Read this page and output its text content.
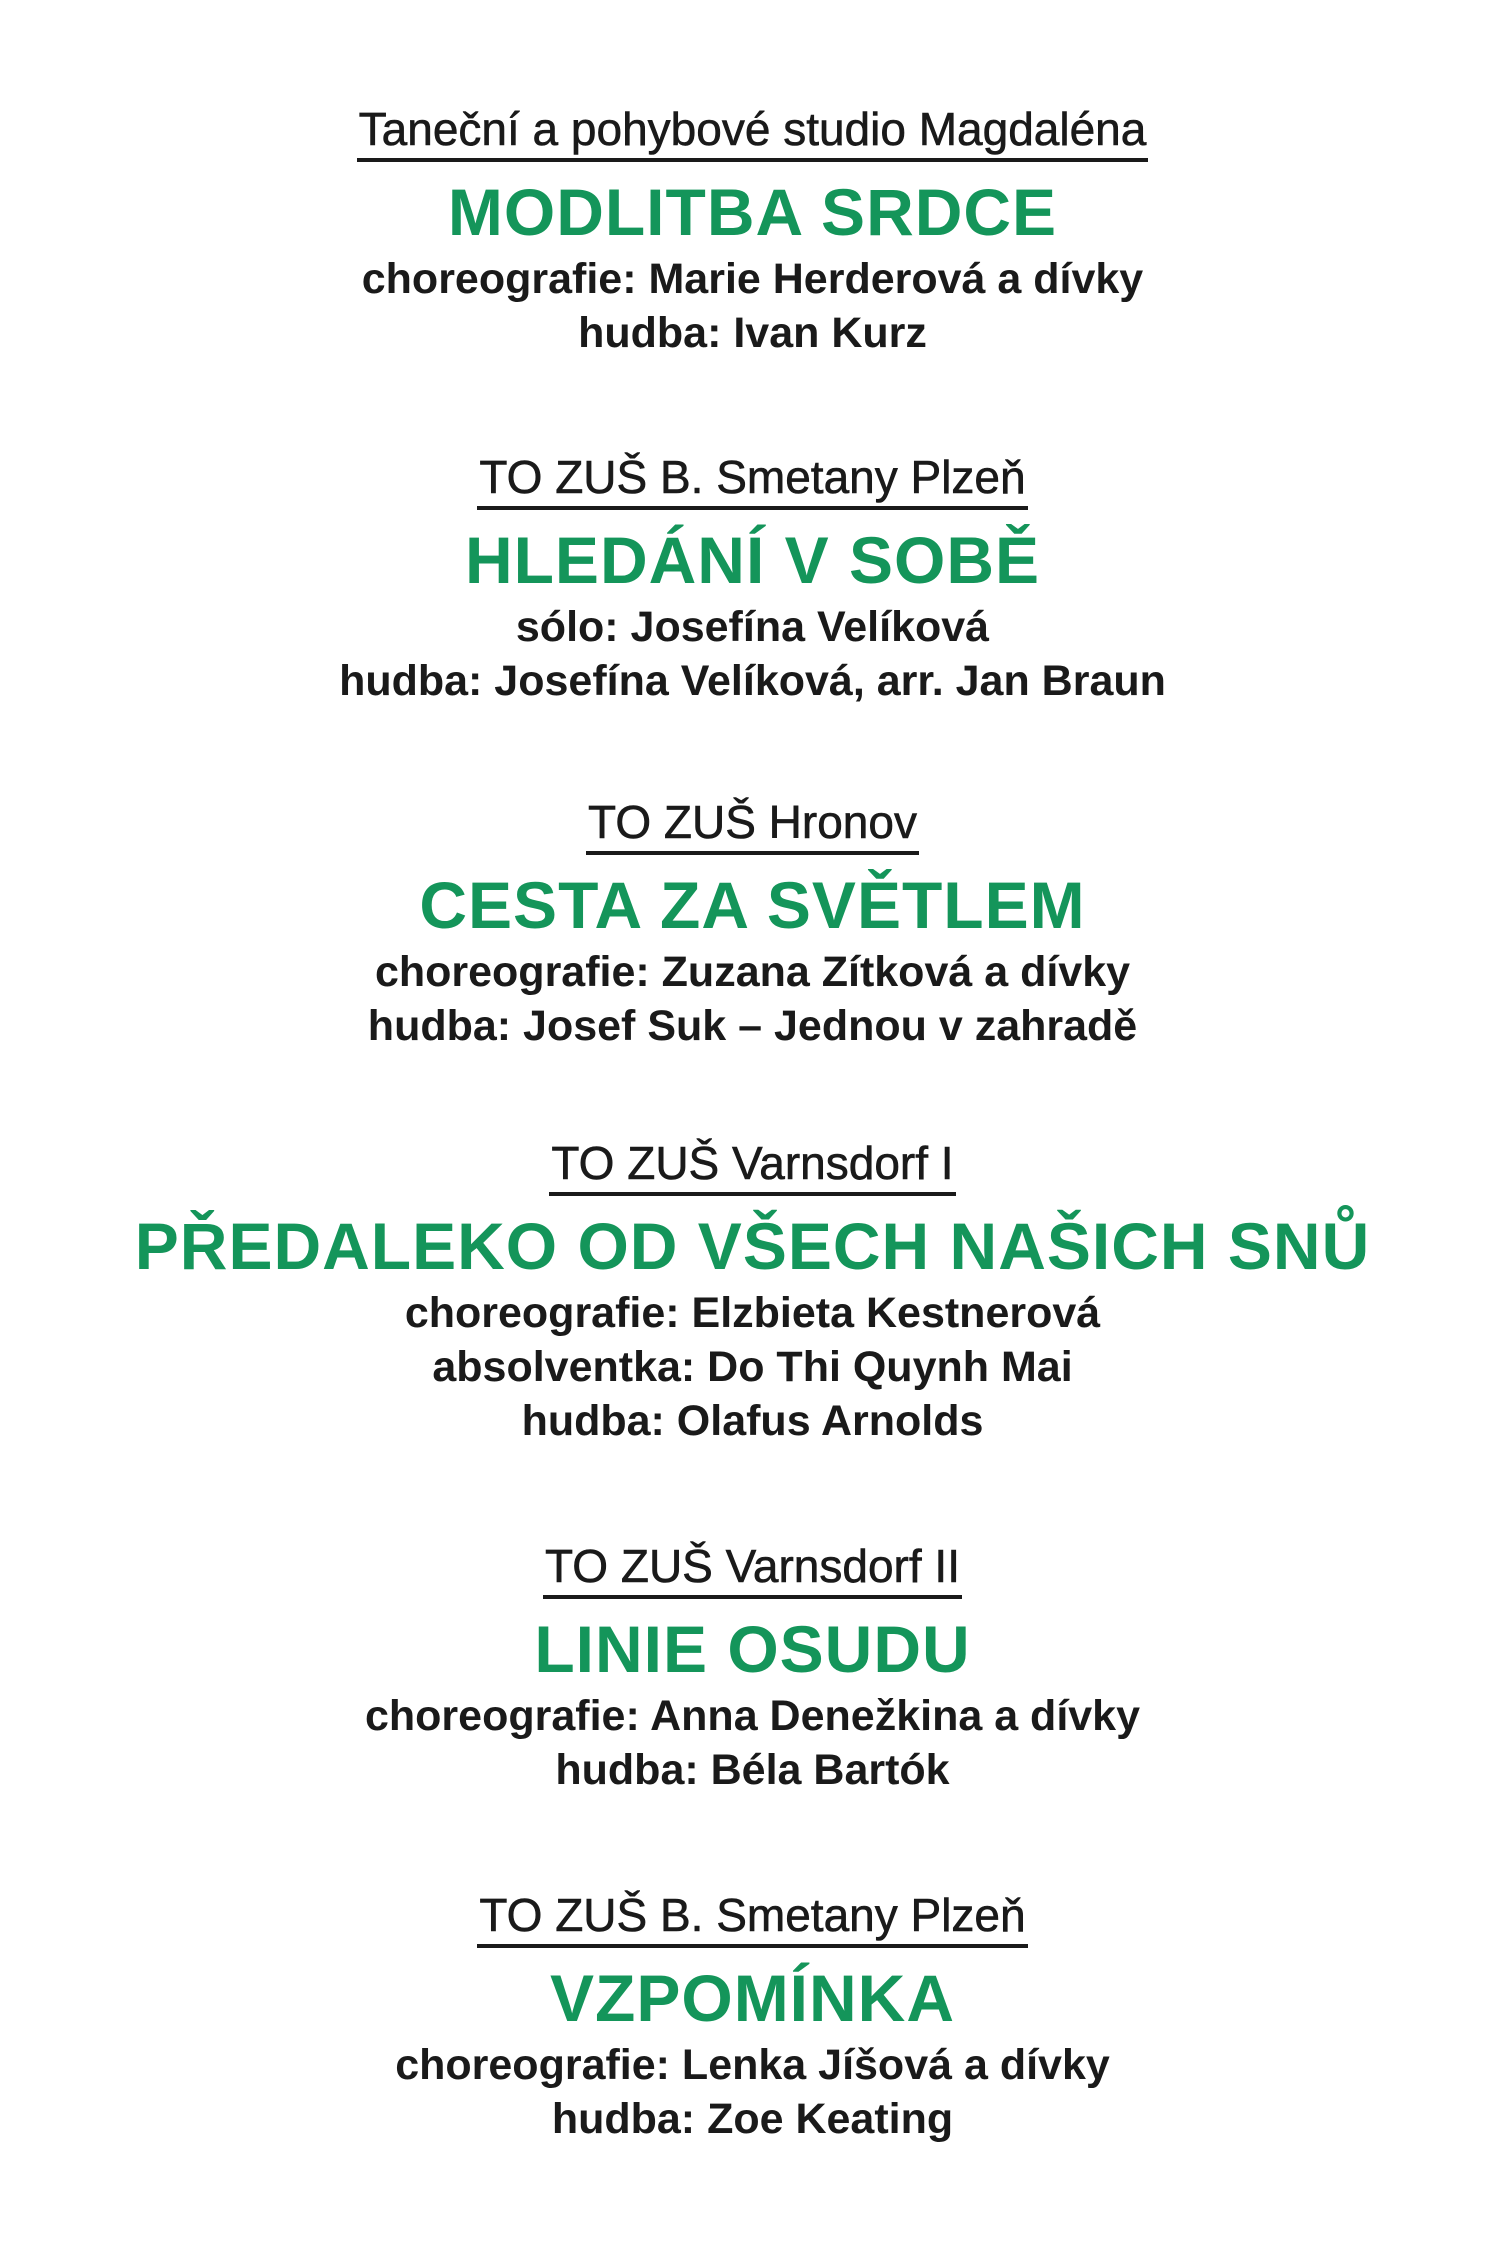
Taneční a pohybové studio Magdaléna
MODLITBA SRDCE
choreografie: Marie Herderová a dívky
hudba: Ivan Kurz
TO ZUŠ B. Smetany Plzeň
HLEDÁNÍ V SOBĚ
sólo: Josefína Velíková
hudba: Josefína Velíková, arr. Jan Braun
TO ZUŠ Hronov
CESTA ZA SVĚTLEM
choreografie: Zuzana Zítková a dívky
hudba: Josef Suk – Jednou v zahradě
TO ZUŠ Varnsdorf I
PŘEDALEKO OD VŠECH NAŠICH SNŮ
choreografie: Elzbieta Kestnerová
absolventka: Do Thi Quynh Mai
hudba: Olafus Arnolds
TO ZUŠ Varnsdorf II
LINIE OSUDU
choreografie: Anna Denežkina a dívky
hudba: Béla Bartók
TO ZUŠ B. Smetany Plzeň
VZPOMÍNKA
choreografie: Lenka Jíšová a dívky
hudba: Zoe Keating
